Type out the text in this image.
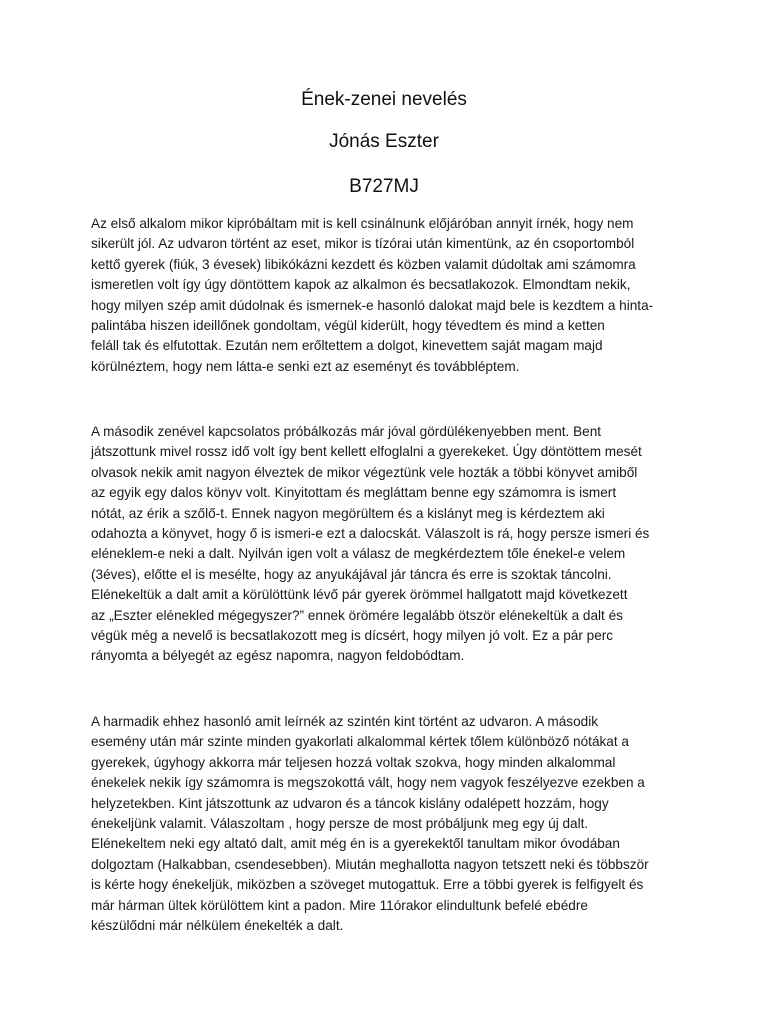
Ének-zenei nevelés
Jónás Eszter
B727MJ
Az első alkalom mikor kipróbáltam mit is kell csinálnunk előjáróban annyit írnék, hogy nem
sikerült jól. Az udvaron történt az eset, mikor is tízórai után kimentünk, az én csoportomból
kettő gyerek (fiúk, 3 évesek) libikókázni kezdett és közben valamit dúdoltak ami számomra
ismeretlen volt így úgy döntöttem kapok az alkalmon és becsatlakozok. Elmondtam nekik,
hogy milyen szép amit dúdolnak és ismernek-e hasonló dalokat majd bele is kezdtem a hinta-
palintába hiszen ideillőnek gondoltam, végül kiderült, hogy tévedtem és mind a ketten
feláll tak és elfutottak. Ezután nem erőltettem a dolgot, kinevettem saját magam majd
körülnéztem, hogy nem látta-e senki ezt az eseményt és továbbléptem.
A második zenével kapcsolatos próbálkozás már jóval gördülékenyebben ment. Bent
játszottunk mivel rossz idő volt így bent kellett elfoglalni a gyerekeket. Úgy döntöttem mesét
olvasok nekik amit nagyon élveztek de mikor végeztünk vele hozták a többi könyvet amiből
az egyik egy dalos könyv volt. Kinyitottam és megláttam benne egy számomra is ismert
nótát, az érik a szőlő-t. Ennek nagyon megörültem és a kislányt meg is kérdeztem aki
odahozta a könyvet, hogy ő is ismeri-e ezt a dalocskát. Válaszolt is rá, hogy persze ismeri és
eléneklem-e neki a dalt. Nyilván igen volt a válasz de megkérdeztem tőle énekel-e velem
(3éves), előtte el is mesélte, hogy az anyukájával jár táncra és erre is szoktak táncolni.
Elénekeltük a dalt amit a körülöttünk lévő pár gyerek örömmel hallgatott majd következett
az „Eszter elénekled mégegyszer?” ennek örömére legalább ötször elénekeltük a dalt és
végük még a nevelő is becsatlakozott meg is dícsért, hogy milyen jó volt. Ez a pár perc
rányomta a bélyegét az egész napomra, nagyon feldobódtam.
A harmadik ehhez hasonló amit leírnék az szintén kint történt az udvaron. A második
esemény után már szinte minden gyakorlati alkalommal kértek tőlem különböző nótákat a
gyerekek, úgyhogy akkorra már teljesen hozzá voltak szokva, hogy minden alkalommal
énekelek nekik így számomra is megszokottá vált, hogy nem vagyok feszélyezve ezekben a
helyzetekben. Kint játszottunk az udvaron és a táncok kislány odalépett hozzám, hogy
énekeljünk valamit. Válaszoltam , hogy persze de most próbáljunk meg egy új dalt.
Elénekeltem neki egy altató dalt, amit még én is a gyerekektől tanultam mikor óvodában
dolgoztam (Halkabban, csendesebben). Miután meghallotta nagyon tetszett neki és többször
is kérte hogy énekeljük, miközben a szöveget mutogattuk. Erre a többi gyerek is felfigyelt és
már hárman ültek körülöttem kint a padon. Mire 11órakor elindultunk befelé ebédre
készülődni már nélkülem énekelték a dalt.
